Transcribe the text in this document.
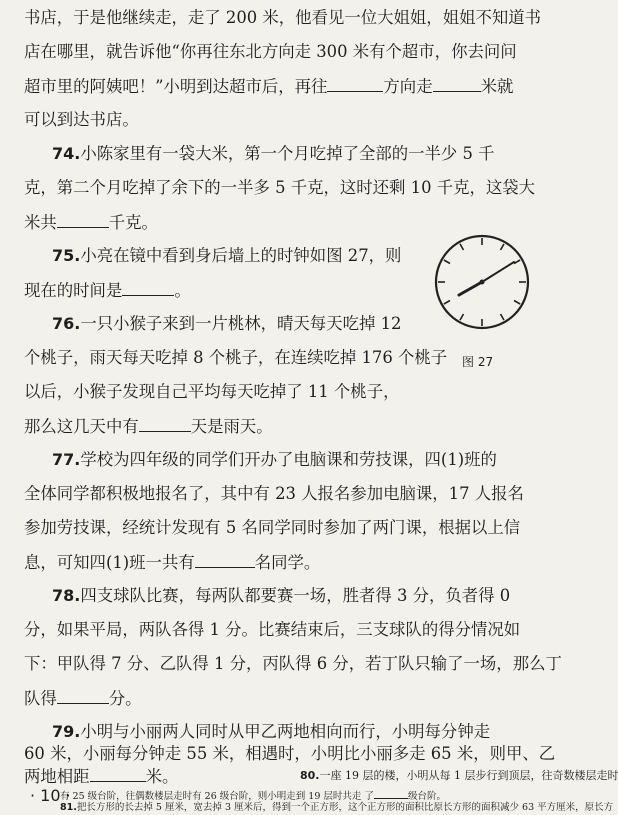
书店，于是他继续走，走了 200 米，他看见一位大姐姐，姐姐不知道书
店在哪里，就告诉他“你再往东北方向走 300 米有个超市，你去问问
超市里的阿姨吧！”小明到达超市后，再往	方向走	米就
可以到达书店。
74.小陈家里有一袋大米，第一个月吃掉了全部的一半少 5 千
克，第二个月吃掉了余下的一半多 5 千克，这时还剩 10 千克，这袋大
米共	千克。
75.小亮在镜中看到身后墙上的时钟如图 27，则
现在的时间是	。
图 27
76.一只小猴子来到一片桃林，晴天每天吃掉 12
个桃子，雨天每天吃掉 8 个桃子，在连续吃掉 176 个桃子
以后，小猴子发现自己平均每天吃掉了 11 个桃子，
那么这几天中有	天是雨天。
77.学校为四年级的同学们开办了电脑课和劳技课，四(1)班的
全体同学都积极地报名了，其中有 23 人报名参加电脑课，17 人报名
参加劳技课，经统计发现有 5 名同学同时参加了两门课，根据以上信
息，可知四(1)班一共有	名同学。
78.四支球队比赛，每两队都要赛一场，胜者得 3 分，负者得 0
分，如果平局，两队各得 1 分。比赛结束后，三支球队的得分情况如
下：甲队得 7 分、乙队得 1 分，丙队得 6 分，若丁队只输了一场，那么丁
队得	分。
79.小明与小丽两人同时从甲乙两地相向而行，小明每分钟走
60 米，小丽每分钟走 55 米，相遇时，小明比小丽多走 65 米，则甲、乙
两地相距	米。
· 10 ·
80.一座 19 层的楼，小明从每 1 层步行到顶层，往奇数楼层走时
有 25 级台阶，往偶数楼层走时有 26 级台阶，则小明走到 19 层时共走 了	级台阶。
81.把长方形的长去掉 5 厘米，宽去掉 3 厘米后，得到一个正方形，这个正方形的面积比原长方形的面积减少 63 平方厘米，原长方
